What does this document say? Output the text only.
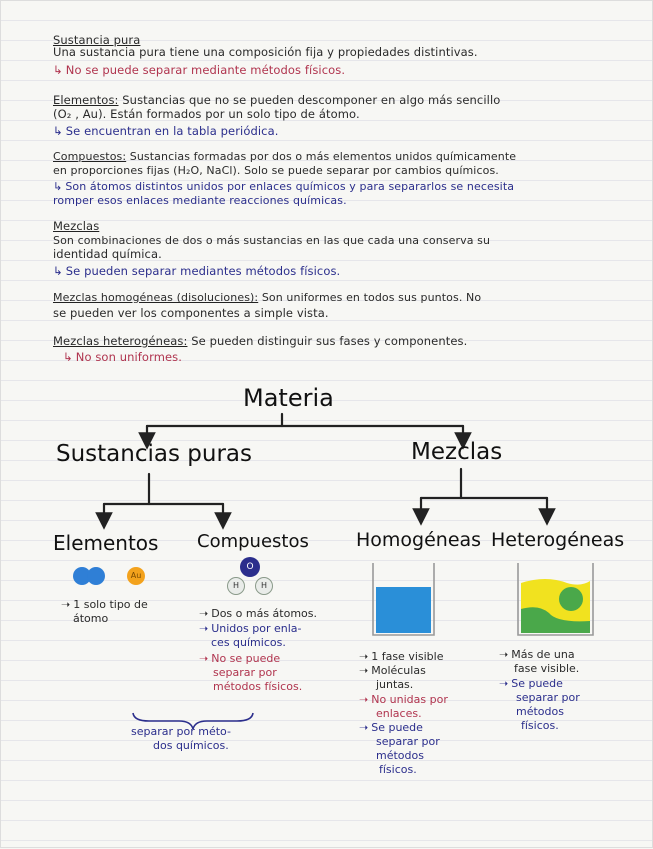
Sustancia pura
Una sustancia pura tiene una composición fija y propiedades distintivas.
↳ No se puede separar mediante métodos físicos.
Elementos: Sustancias que no se pueden descomponer en algo más sencillo
(O₂ , Au). Están formados por un solo tipo de átomo.
↳ Se encuentran en la tabla periódica.
Compuestos: Sustancias formadas por dos o más elementos unidos químicamente
en proporciones fijas (H₂O, NaCl). Solo se puede separar por cambios químicos.
↳ Son átomos distintos unidos por enlaces químicos y para separarlos se necesita
romper esos enlaces mediante reacciones químicas.
Mezclas
Son combinaciones de dos o más sustancias en las que cada una conserva su
identidad química.
↳ Se pueden separar mediantes métodos físicos.
Mezclas homogéneas (disoluciones): Son uniformes en todos sus puntos. No
se pueden ver los componentes a simple vista.
Mezclas heterogéneas: Se pueden distinguir sus fases y componentes.
↳ No son uniformes.
Materia
Sustancias puras	Mezclas
Elementos Compuestos Homogéneas Heterogéneas
Au
O
H	H
➝ 1 solo tipo de
átomo	➝ Dos o más átomos.
➝ Unidos por enla-
ces químicos.
➝ No se puede
separar por
métodos físicos.
separar por méto-
dos químicos.
➝ 1 fase visible
➝ Moléculas
juntas.
➝ No unidas por
enlaces.
➝ Se puede
separar por
métodos
físicos.
➝ Más de una
fase visible.
➝ Se puede
separar por
métodos
físicos.
